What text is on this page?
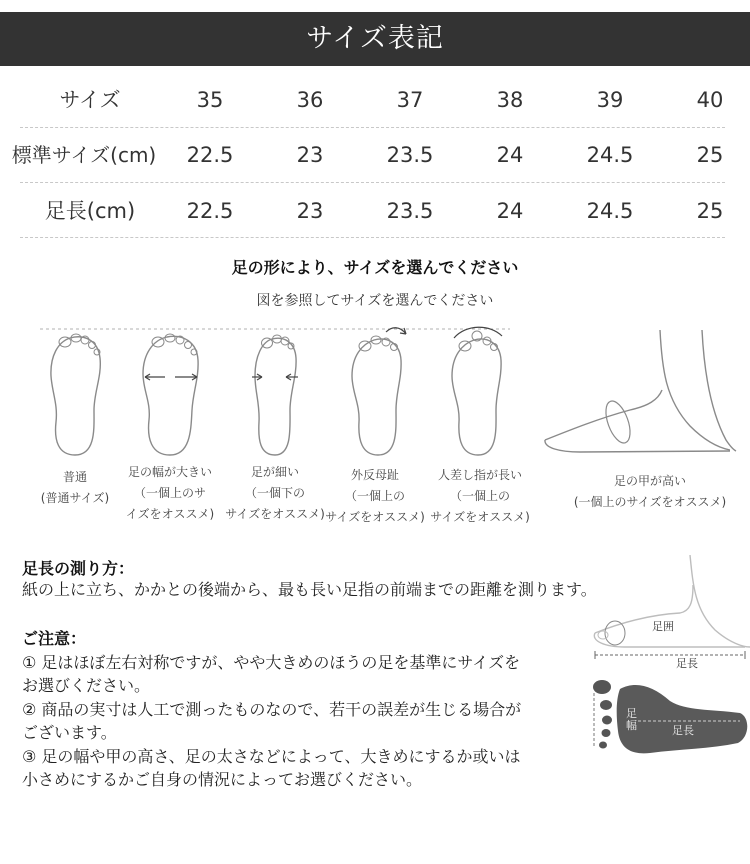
サイズ表記
サイズ	35	36	37	38	39	40
標準サイズ(cm)	22.5	23	23.5	24	24.5	25
足長(cm)	22.5	23	23.5	24	24.5	25
足の形により、サイズを選んでください
図を参照してサイズを選んでください
普通
(普通サイズ)
足の幅が大きい
（一個上のサ
イズをオススメ)
足が細い
（一個下の
サイズをオススメ)
外反母趾
（一個上の
サイズをオススメ)
人差し指が長い
（一個上の
サイズをオススメ)
足の甲が高い
(一個上のサイズをオススメ)
足長の測り方：
紙の上に立ち、かかとの後端から、最も長い足指の前端までの距離を測ります。
ご注意：
① 足はほぼ左右対称ですが、やや大きめのほうの足を基準にサイズを
お選びください。
② 商品の実寸は人工で測ったものなので、若干の誤差が生じる場合が
ございます。
③ 足の幅や甲の高さ、足の太さなどによって、大きめにするか或いは
小さめにするかご自身の情況によってお選びください。
足囲
足長
足幅	足長
